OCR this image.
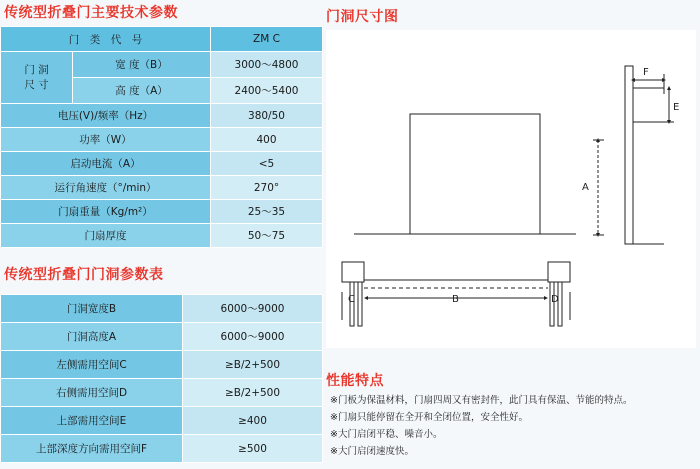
传统型折叠门主要技术参数
传统型折叠门门洞参数表
门洞尺寸图
性能特点
门　类　代　号		ZM C
门 洞
尺 寸	宽 度（B）	3000～4800
	高 度（A）	2400～5400
电压(V)/频率（Hz）		380/50
功率（W）		400
启动电流（A）		<5
运行角速度（°/min）		270°
门扇重量（Kg/m²）		25～35
门扇厚度		50～75
门洞宽度B	6000～9000
门洞高度A	6000～9000
左侧需用空间C	≥B/2+500
右侧需用空间D	≥B/2+500
上部需用空间E	≥400
上部深度方向需用空间F	≥500
A
B
C	D
E
F
※门板为保温材料，门扇四周又有密封件，此门具有保温、节能的特点。
※门扇只能停留在全开和全闭位置，安全性好。
※大门启闭平稳、噪音小。
※大门启闭速度快。
